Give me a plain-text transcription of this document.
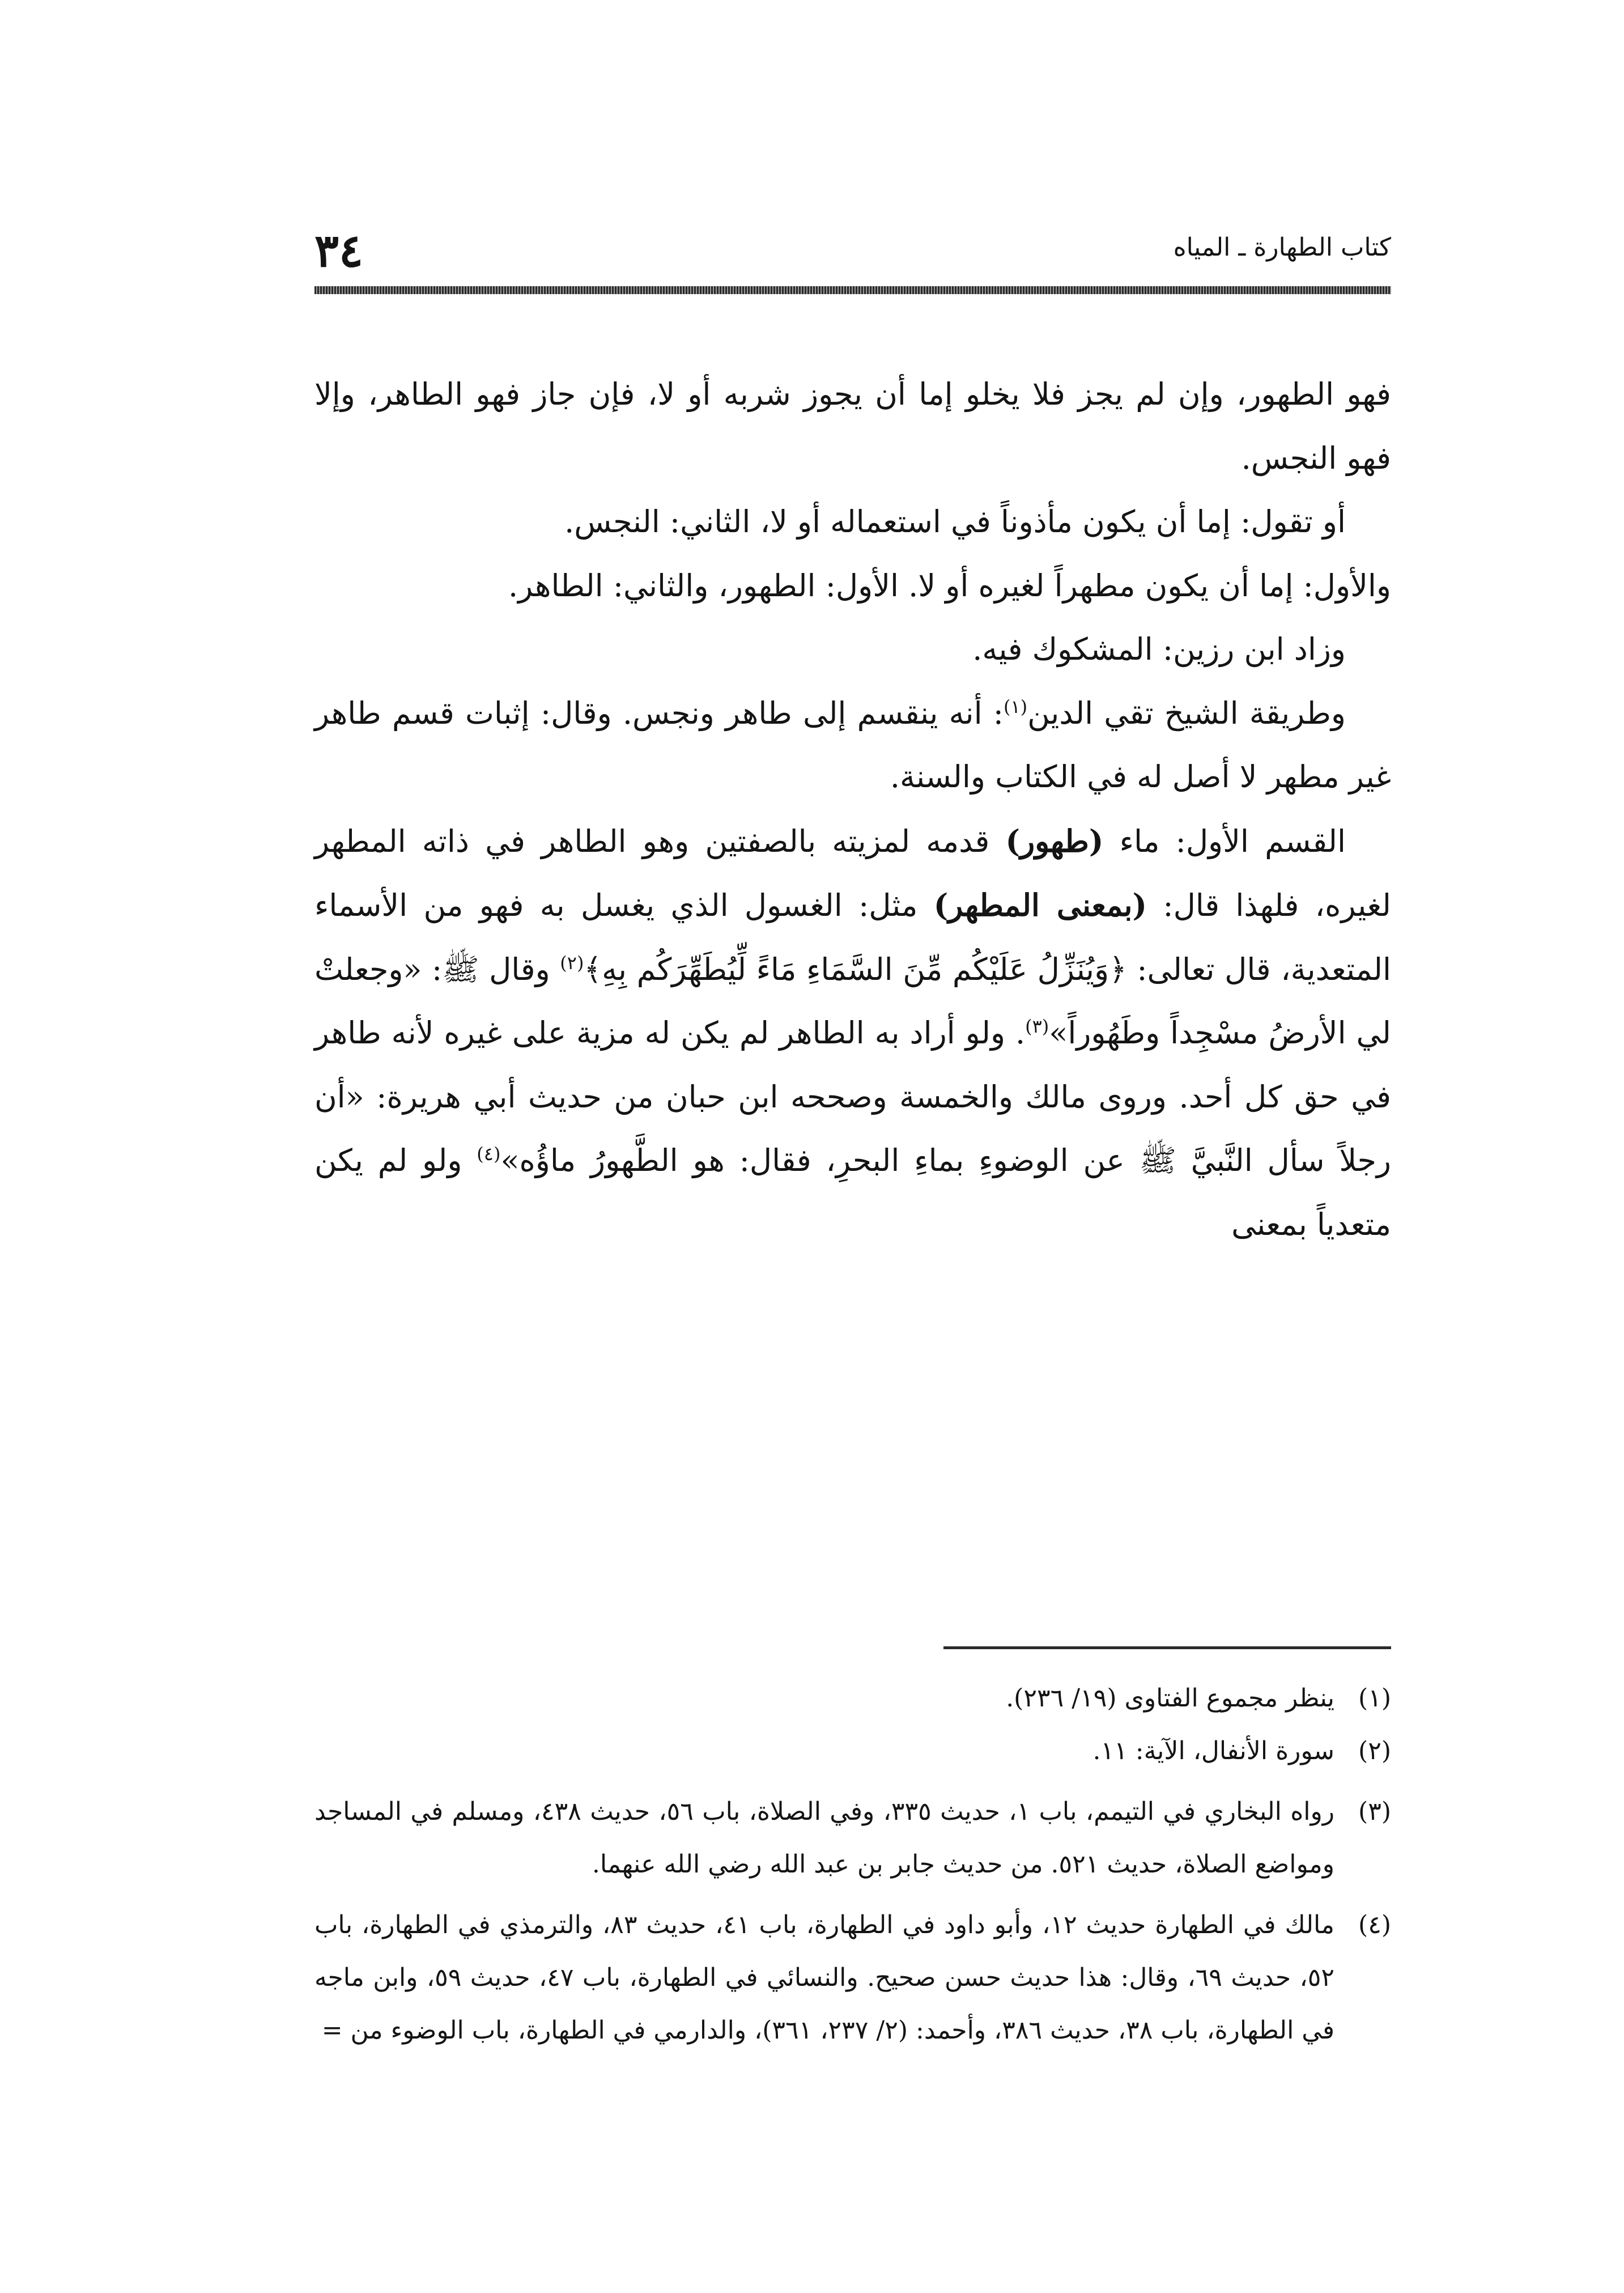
كتاب الطهارة ـ المياه
٣٤

فهو الطهور، وإن لم يجز فلا يخلو إما أن يجوز شربه أو لا، فإن جاز فهو الطاهر، وإلا فهو النجس.

أو تقول: إما أن يكون مأذوناً في استعماله أو لا، الثاني: النجس.

والأول: إما أن يكون مطهراً لغيره أو لا. الأول: الطهور، والثاني: الطاهر.

وزاد ابن رزين: المشكوك فيه.

وطريقة الشيخ تقي الدين$^{(١)}$: أنه ينقسم إلى طاهر ونجس. وقال: إثبات قسم طاهر غير مطهر لا أصل له في الكتاب والسنة.

القسم الأول: ماء (طهور) قدمه لمزيته بالصفتين وهو الطاهر في ذاته المطهر لغيره، فلهذا قال: (بمعنى المطهر) مثل: الغسول الذي يغسل به فهو من الأسماء المتعدية، قال تعالى: ﴿وَيُنَزِّلُ عَلَيْكُم مِّنَ السَّمَاءِ مَاءً لِّيُطَهِّرَكُم بِهِ﴾$^{(٢)}$ وقال ﷺ: «وجعلتْ لي الأرضُ مسْجِداً وطَهُوراً»$^{(٣)}$. ولو أراد به الطاهر لم يكن له مزية على غيره لأنه طاهر في حق كل أحد. وروى مالك والخمسة وصححه ابن حبان من حديث أبي هريرة: «أن رجلاً سأل النَّبيَّ ﷺ عن الوضوءِ بماءِ البحرِ، فقال: هو الطَّهورُ ماؤُه»$^{(٤)}$ ولو لم يكن متعدياً بمعنى

(١)
ينظر مجموع الفتاوى (١٩/ ٢٣٦).
(٢)
سورة الأنفال، الآية: ١١.
(٣)
رواه البخاري في التيمم، باب ١، حديث ٣٣٥، وفي الصلاة، باب ٥٦، حديث ٤٣٨، ومسلم في المساجد ومواضع الصلاة، حديث ٥٢١. من حديث جابر بن عبد الله رضي الله عنهما.
(٤)
مالك في الطهارة حديث ١٢، وأبو داود في الطهارة، باب ٤١، حديث ٨٣، والترمذي في الطهارة، باب ٥٢، حديث ٦٩، وقال: هذا حديث حسن صحيح. والنسائي في الطهارة، باب ٤٧، حديث ٥٩، وابن ماجه في الطهارة، باب ٣٨، حديث ٣٨٦، وأحمد: (٢/ ٢٣٧، ٣٦١)، والدارمي في الطهارة، باب الوضوء من =
